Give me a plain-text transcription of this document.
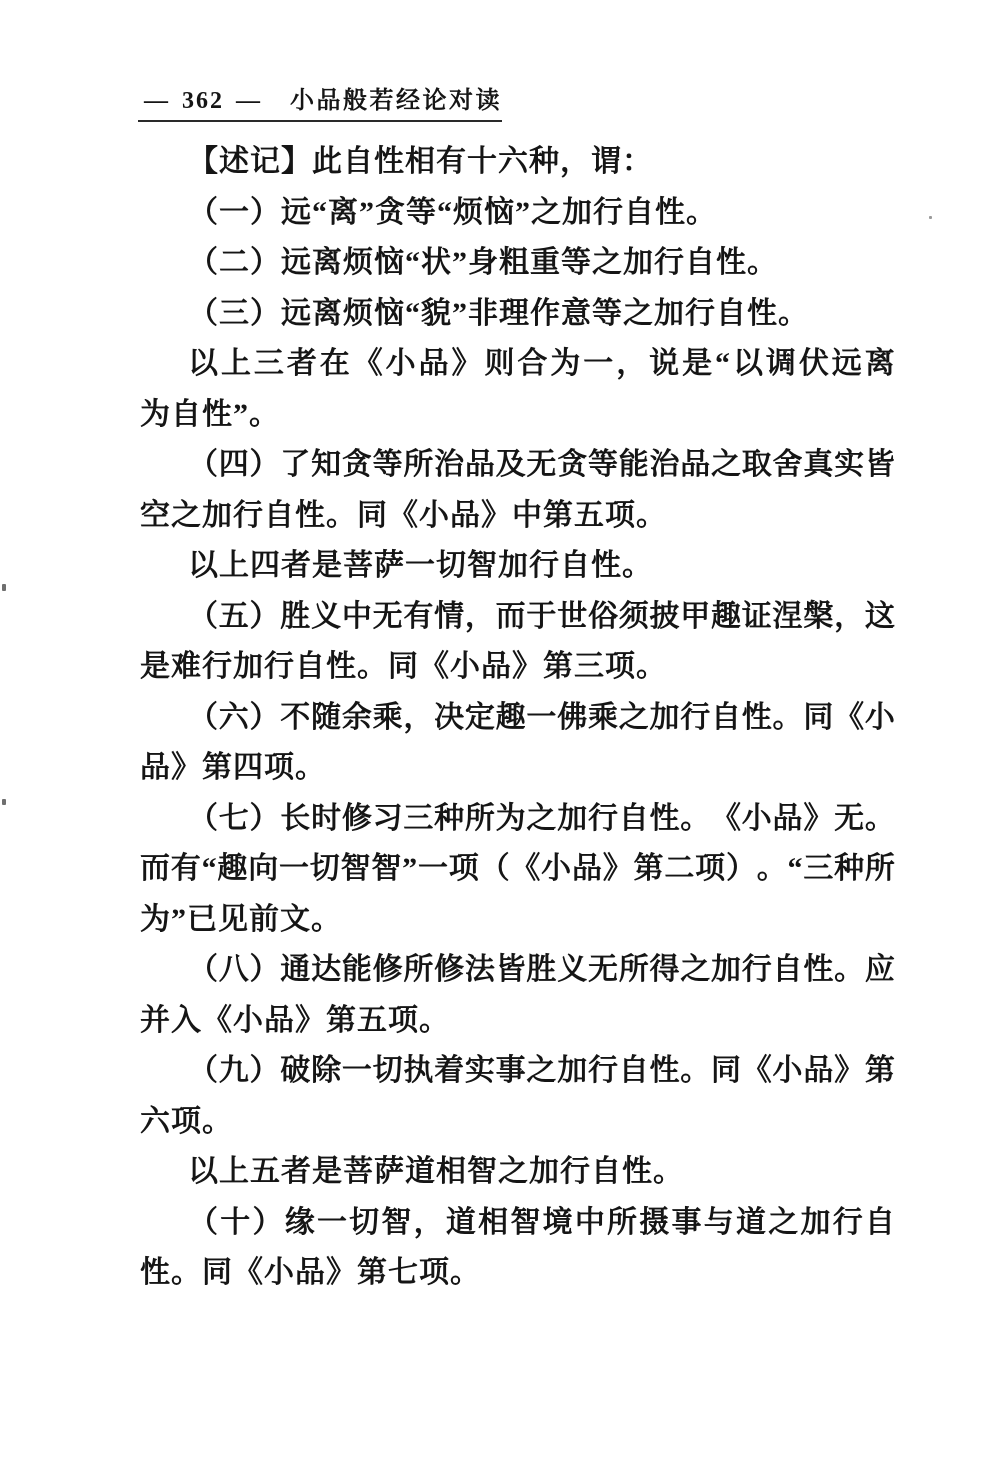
— 362 — 小品般若经论对读
【述记】此自性相有十六种，谓：
（一）远“离”贪等“烦恼”之加行自性。
（二）远离烦恼“状”身粗重等之加行自性。
（三）远离烦恼“貌”非理作意等之加行自性。
以 上 三 者 在 《 小 品 》 则 合 为 一 ， 说 是 “ 以 调 伏 远 离
为自性”。
（ 四 ） 了 知 贪 等 所 治 品 及 无 贪 等 能 治 品 之 取 舍 真 实 皆
空之加行自性。同《小品》中第五项。
以上四者是菩萨一切智加行自性。
（ 五 ） 胜 义 中 无 有 情 ， 而 于 世 俗 须 披 甲 趣 证 涅 槃 ， 这
是难行加行自性。同《小品》第三项。
（ 六 ） 不 随 余 乘 ， 决 定 趣 一 佛 乘 之 加 行 自 性 。 同 《 小
品》第四项。
（ 七 ） 长 时 修 习 三 种 所 为 之 加 行 自 性 。 《 小 品 》 无 。
而 有 “ 趣 向 一 切 智 智 ” 一 项 （ 《 小 品 》 第 二 项 ） 。 “ 三 种 所
为”已见前文。
（ 八 ） 通 达 能 修 所 修 法 皆 胜 义 无 所 得 之 加 行 自 性 。 应
并入《小品》第五项。
（ 九 ） 破 除 一 切 执 着 实 事 之 加 行 自 性 。 同 《 小 品 》 第
六项。
以上五者是菩萨道相智之加行自性。
（ 十 ） 缘 一 切 智 ， 道 相 智 境 中 所 摄 事 与 道 之 加 行 自
性。同《小品》第七项。
